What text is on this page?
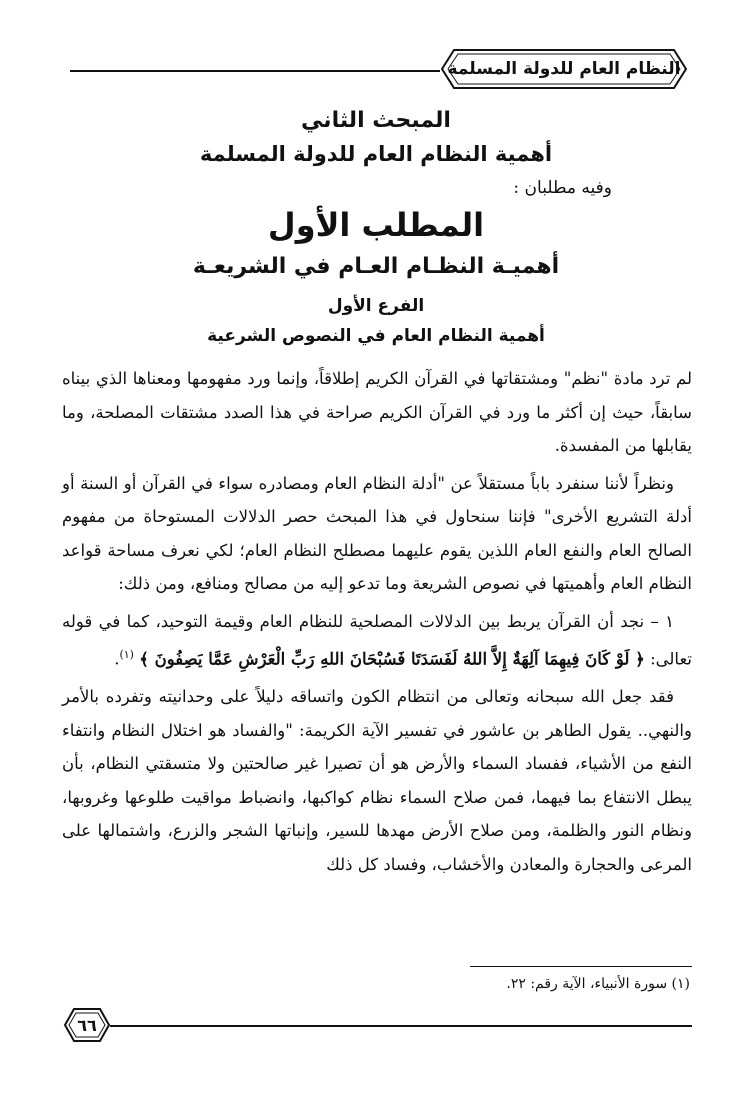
النظام العام للدولة المسلمة
المبحث الثاني
أهمية النظام العام للدولة المسلمة
وفيه مطلبان :
المطلب الأول
أهميـة النظـام العـام في الشريعـة
الفرع الأول
أهمية النظام العام في النصوص الشرعية

لم ترد مادة "نظم" ومشتقاتها في القرآن الكريم إطلاقاً، وإنما ورد مفهومها ومعناها الذي بيناه سابقاً، حيث إن أكثر ما ورد في القرآن الكريم صراحة في هذا الصدد مشتقات المصلحة، وما يقابلها من المفسدة.

ونظراً لأننا سنفرد باباً مستقلاً عن "أدلة النظام العام ومصادره سواء في القرآن أو السنة أو أدلة التشريع الأخرى" فإننا سنحاول في هذا المبحث حصر الدلالات المستوحاة من مفهوم الصالح العام والنفع العام اللذين يقوم عليهما مصطلح النظام العام؛ لكي نعرف مساحة قواعد النظام العام وأهميتها في نصوص الشريعة وما تدعو إليه من مصالح ومنافع، ومن ذلك:

١ – نجد أن القرآن يربط بين الدلالات المصلحية للنظام العام وقيمة التوحيد، كما في قوله تعالى: ﴿ لَوْ كَانَ فِيهِمَا آلِهَةٌ إِلاَّ اللهُ لَفَسَدَتَا فَسُبْحَانَ اللهِ رَبِّ الْعَرْشِ عَمَّا يَصِفُونَ ﴾ $^{(١)}$.

فقد جعل الله سبحانه وتعالى من انتظام الكون واتساقه دليلاً على وحدانيته وتفرده بالأمر والنهي.. يقول الطاهر بن عاشور في تفسير الآية الكريمة: "والفساد هو اختلال النظام وانتفاء النفع من الأشياء، ففساد السماء والأرض هو أن تصيرا غير صالحتين ولا متسقتي النظام، بأن يبطل الانتفاع بما فيهما، فمن صلاح السماء نظام كواكبها، وانضباط مواقيت طلوعها وغروبها، ونظام النور والظلمة، ومن صلاح الأرض مهدها للسير، وإنباتها الشجر والزرع، واشتمالها على المرعى والحجارة والمعادن والأخشاب، وفساد كل ذلك

(١) سورة الأنبياء، الآية رقم: ٢٢.
٦٦
